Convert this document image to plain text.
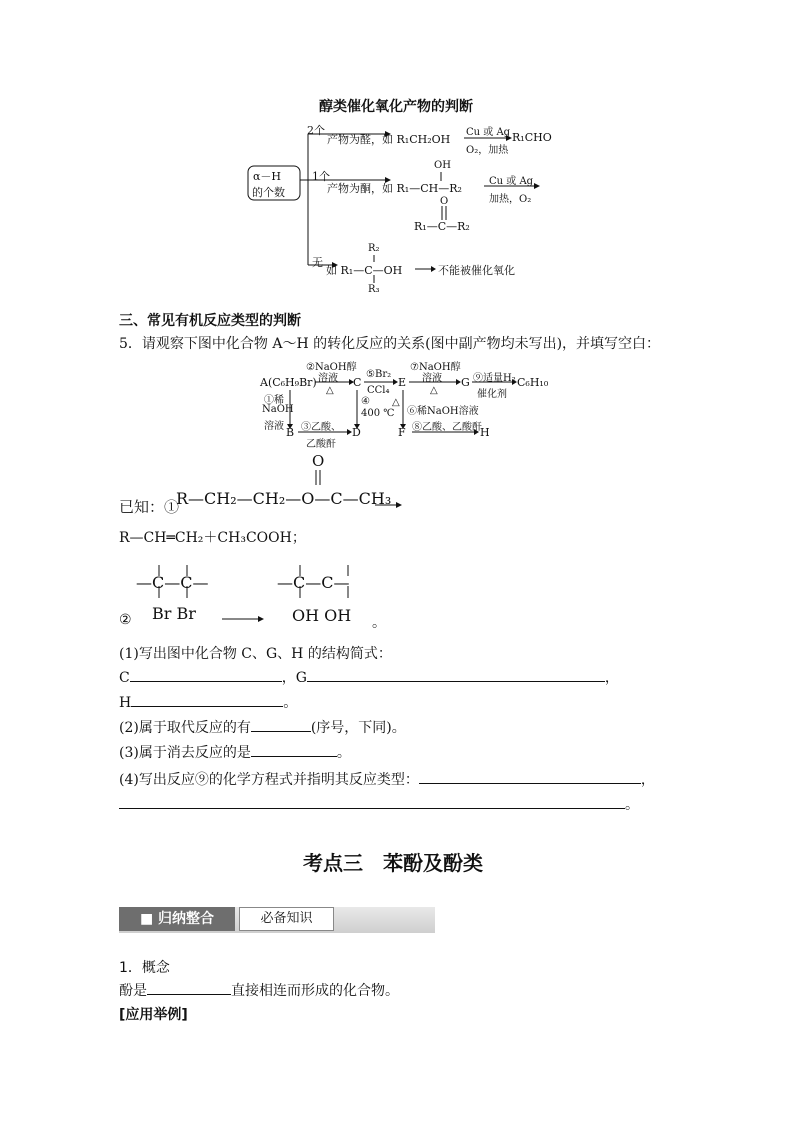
醇类催化氧化产物的判断
α－H
的个数
2个
产物为醛，如 R₁CH₂OH
Cu 或 Ag
O₂，加热
R₁CHO
1个
OH
产物为酮，如 R₁—CH—R₂
Cu 或 Ag
加热，O₂
O
R₁—C—R₂
无
R₂
如 R₁—C—OH
R₃
不能被催化氧化
三、常见有机反应类型的判断
5．请观察下图中化合物 A～H 的转化反应的关系(图中副产物均未写出)，并填写空白：
A(C₆H₉Br)
②NaOH醇
溶液
△
C
⑤Br₂
CCl₄
E
⑦NaOH醇
溶液
△
G ⑨适量H₂
催化剂
C₆H₁₀
①稀
NaOH
溶液 B ③乙酸、
乙酸酐
D
④
400 ℃
△
⑥稀NaOH溶液
F ⑧乙酸、乙酸酐
H
已知：①
O
R—CH₂—CH₂—O—C—CH₃
R—CH═CH₂＋CH₃COOH；
—C—C—
Br Br
②
—C—C—
OH OH 。
(1)写出图中化合物 C、G、H 的结构简式：
C	，G	，
H	。
(2)属于取代反应的有	(序号，下同)。
(3)属于消去反应的是	。
(4)写出反应⑨的化学方程式并指明其反应类型：	，
。
考点三　苯酚及酚类
■ 归纳整合	必备知识
1．概念
酚是	直接相连而形成的化合物。
[应用举例]
